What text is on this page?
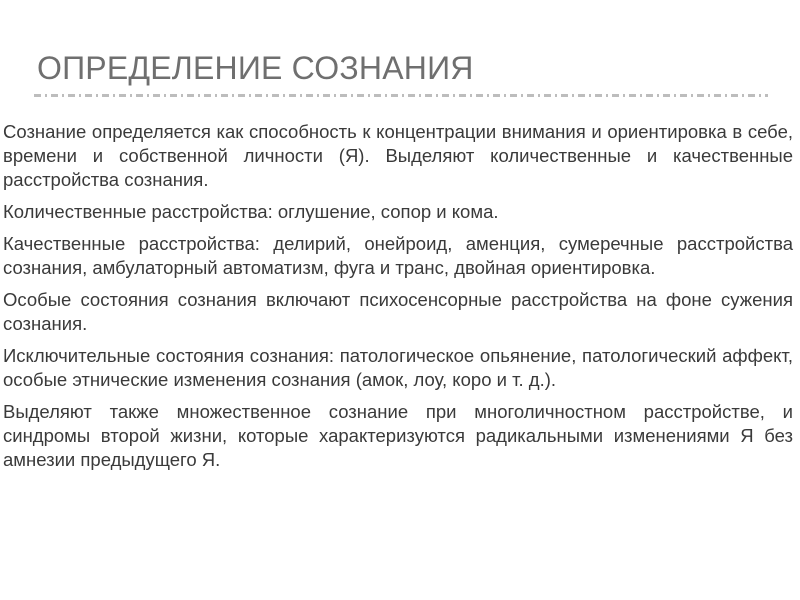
ОПРЕДЕЛЕНИЕ СОЗНАНИЯ

Сознание определяется как способность к концентрации внимания и ориентировка в себе, времени и собственной личности (Я). Выделяют количественные и качественные расстройства сознания.

Количественные расстройства: оглушение, сопор и кома.

Качественные расстройства: делирий, онейроид, аменция, сумеречные расстройства сознания, амбулаторный автоматизм, фуга и транс, двойная ориентировка.

Особые состояния сознания включают психосенсорные расстройства на фоне сужения сознания.

Исключительные состояния сознания: патологическое опьянение, патологический аффект, особые этнические изменения сознания (амок, лоу, коро и т. д.).

Выделяют также множественное сознание при многоличностном расстройстве, и синдромы второй жизни, которые характеризуются радикальными изменениями Я без амнезии предыдущего Я.
